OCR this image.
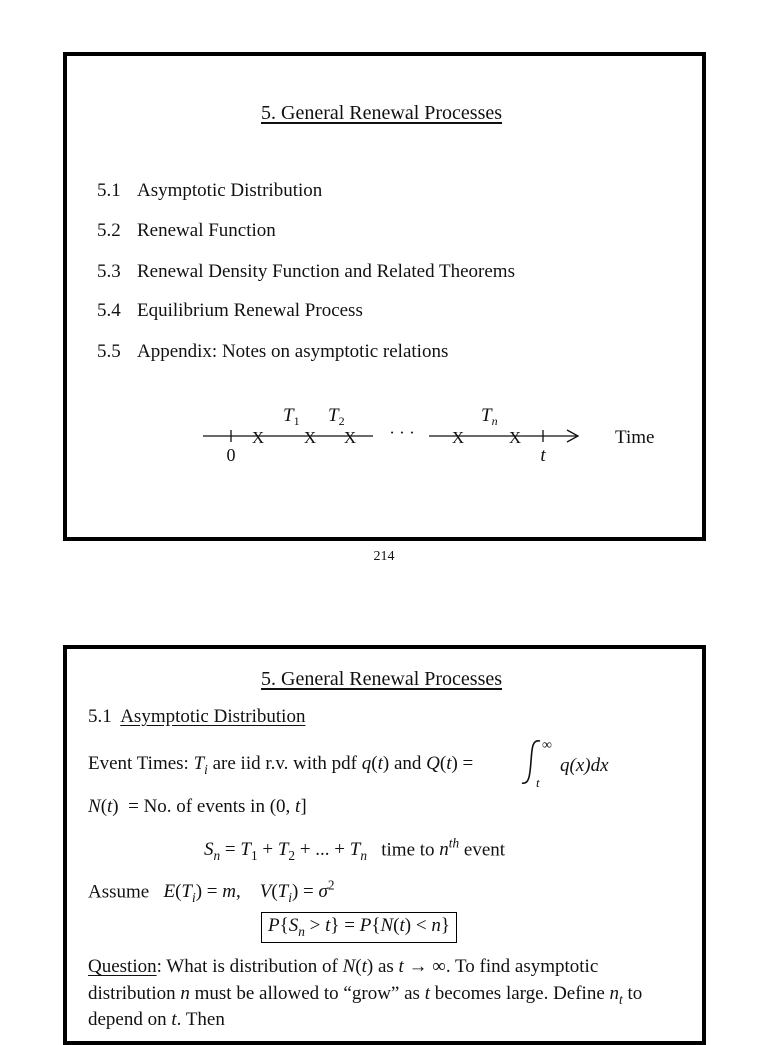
5. General Renewal Processes
5.1 Asymptotic Distribution
5.2 Renewal Function
5.3 Renewal Density Function and Related Theorems
5.4 Equilibrium Renewal Process
5.5 Appendix: Notes on asymptotic relations
X X X	X	X
· · ·
$T_1$ $T_2$	$T_n$
0	t
Time
214
5. General Renewal Processes
5.1 Asymptotic Distribution
Event Times: $T_i$ are iid r.v. with pdf q(t) and Q(t) =
∞
t
q(x)dx
N(t) = No. of events in (0, t]
$S_n = T_1 + T_2$ + ... + $T_n$ time to $n^{th}$ event
Assume $E(T_i) = m$, $V(T_i) = \sigma^2$
$P\{S_n > t\} = P\{N(t) < n\}$
Question: What is distribution of N(t) as t → ∞. To find asymptotic
distribution n must be allowed to “grow” as t becomes large. Define $n_t$ to
depend on t. Then
